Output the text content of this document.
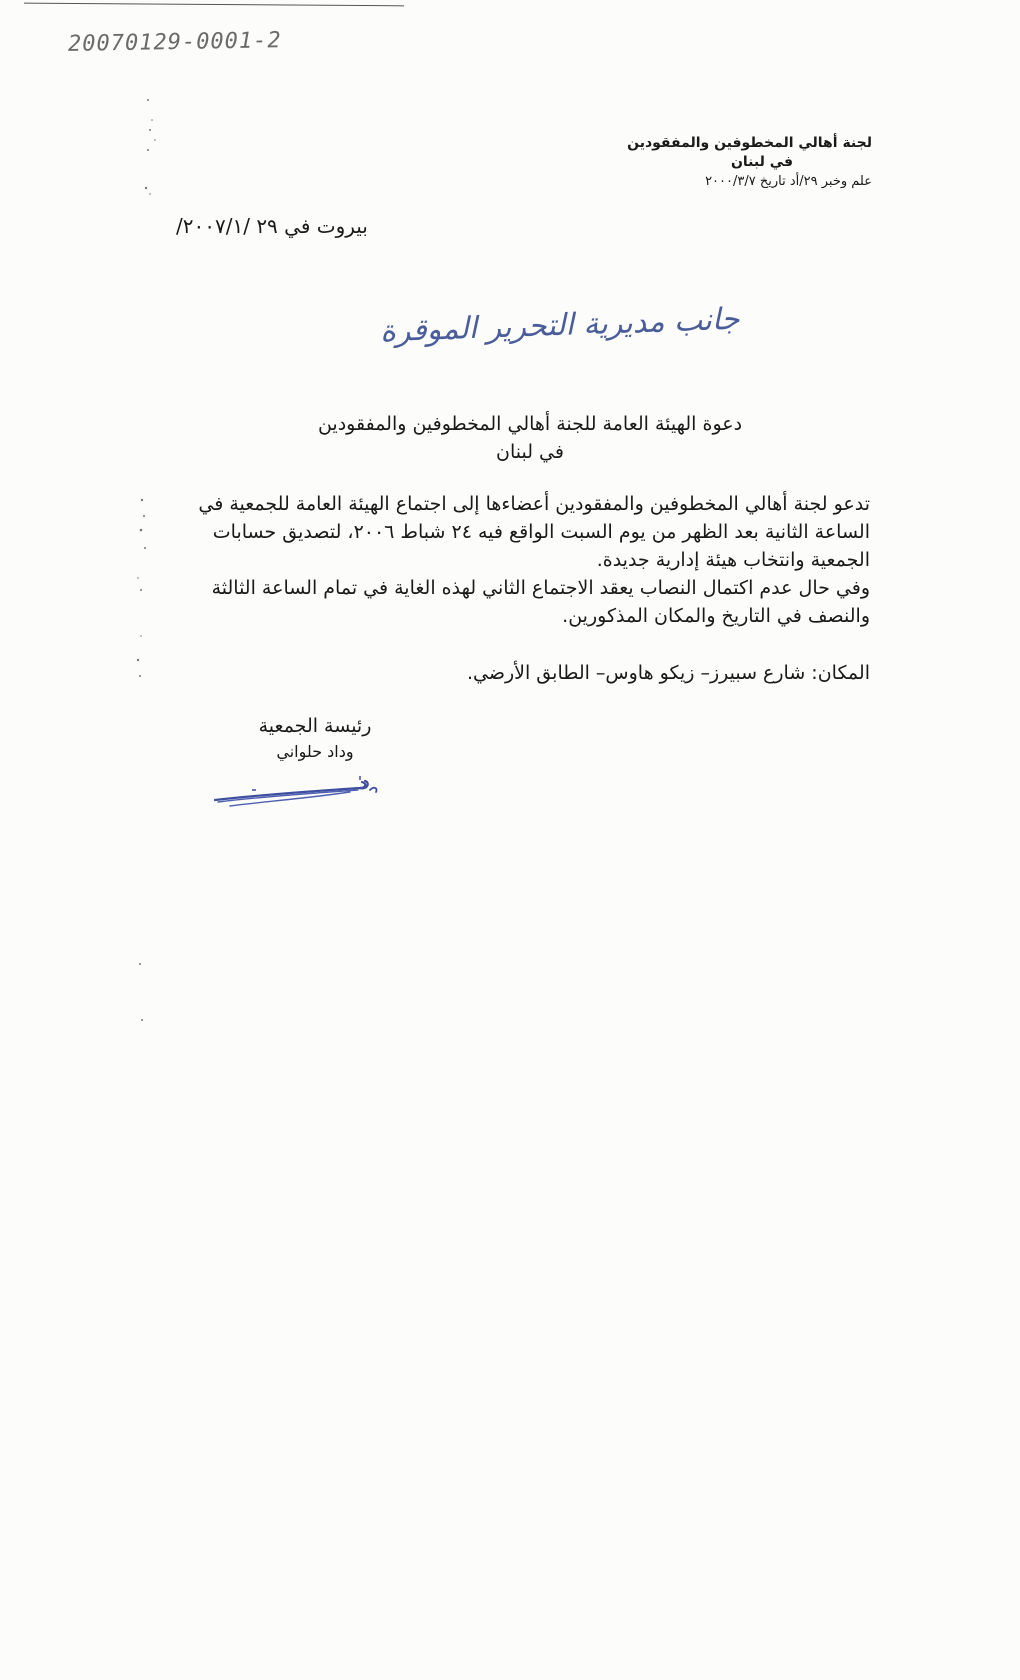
20070129-0001-2
لجنة أهالي المخطوفين والمفقودين
في لبنان
علم وخبر ٢٩/أد تاريخ ٢٠٠٠/٣/٧
بيروت في ٢٩ /٢٠٠٧/١/
جانب مديرية التحرير الموقرة
دعوة الهيئة العامة للجنة أهالي المخطوفين والمفقودين
في لبنان
تدعو لجنة أهالي المخطوفين والمفقودين أعضاءها إلى اجتماع الهيئة العامة للجمعية في
الساعة الثانية بعد الظهر من يوم السبت الواقع فيه ٢٤ شباط ٢٠٠٦، لتصديق حسابات
الجمعية وانتخاب هيئة إدارية جديدة.
وفي حال عدم اكتمال النصاب يعقد الاجتماع الثاني لهذه الغاية في تمام الساعة الثالثة
والنصف في التاريخ والمكان المذكورين.
المكان: شارع سبيرز– زيكو هاوس– الطابق الأرضي.
رئيسة الجمعية
وداد حلواني
